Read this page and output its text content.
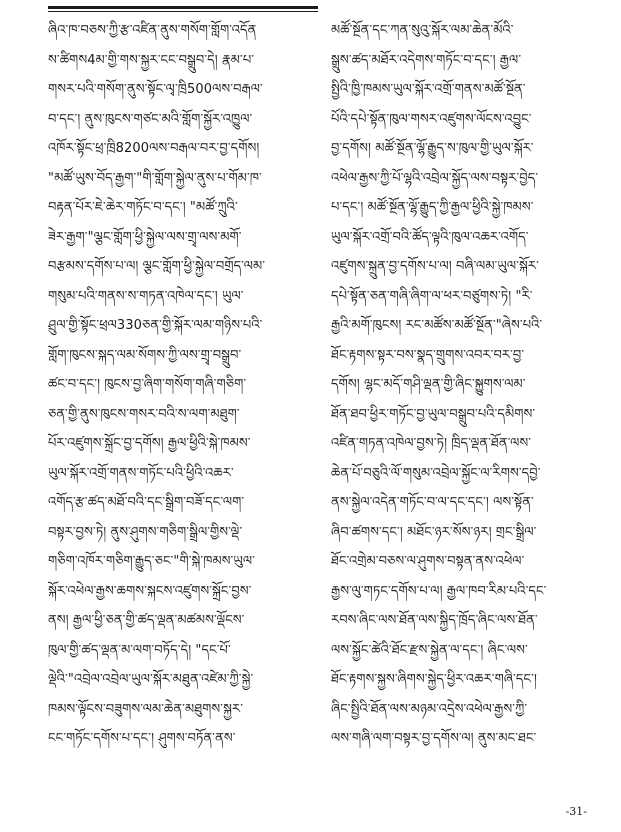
ཞིའ་ཁ་བཅས་ཀྱི་རྩ་འཛིན་ནུས་གསོག་གློག་འདོན
ས་ཚིགས4མ་གྱི་གས་སྐྱར་ངང་བསྒྲུབ་དེ། རྣམ་པ་
གསར་པའི་གསོག་ནུས་སྟོང་ལྭ་ཁྲི500ལས་བརྒལ་
བ་དང་། ནུས་ཁུངས་གཙང་མའི་གློག་སྐྱོར་འཁྱུལ་
འཁོར་སྟོང་ཕྲ་ཁྲི8200ལས་བརྒལ་བར་བྱ་དགོས།
"མཚོ་ཡུས་བོད་རྒྱག་"གི་གློག་སྐྱེལ་ནུས་པ་གོམ་ཁ་
བརྟན་པོར་ཇེ་ཆེར་གཏོང་བ་དང་། "མཚོ་ཀྲུའི་
ཟེར་རྒྱག་"ལྕང་གློག་ཕྱི་སྐྱེལ་ལས་གྲྭ་ལས་མགོ་
བརྩམས་དགོས་པ་ལ། ལྕང་གློག་ཕྱི་སྐྱེལ་བགྲོད་ལམ་
གསུམ་པའི་གནས་ས་གཏན་འཁེལ་དང་། ཡུལ་
ཤྲུལ་གྱི་སྟོང་ཕྲལ330ཅན་གྱི་སྐོར་ལམ་གཉིས་པའི་
གློག་ཁུངས་སྐད་ལམ་སོགས་ཀྱི་ལས་གྲྭ་བསྒྲུབ་
ཚང་བ་དང་། ཁུངས་བྱ་ཞིག་གསོག་གཞི་གཅིག་
ཅན་གྱི་ནུས་ཁུངས་གསར་བའི་ས་ལག་མཐུག་
པོར་འཛུགས་སྐྲོང་བྱ་དགོས། རྒྱལ་ཕྱིའི་སྐེ་ཁམས་
ཡུལ་སྐོར་འགྲོ་གནས་གཏོང་པའི་ཕྱིའི་འཆར་
འགོད་རྩ་ཚད་མཐོ་བའི་དང་སྒྲིག་བཟོ་དང་ལག་
བསྟར་བྱས་ཏེ། ནུས་ཤུགས་གཅིག་སྒྲིལ་གྱིས་ལྡེ་
གཅིག་འཁོར་གཅིག་རྒྱུད་ཅང་"གི་སྐེ་ཁམས་ཡུལ་
སྐོར་འཕེལ་རྒྱས་ཆགས་སྐངས་འཛུགས་སྐྲོང་བྱས་
ནས། རྒྱལ་ཕྱི་ཅན་གྱི་ཚད་ལྡན་མཚམས་ལྡོངས་
ཁུལ་གྱི་ཚད་ལྡན་མ་ལག་བཏོད་དེ། "དང་པོ་
ལྡེའི་"འབྲེལ་འབྲེལ་ཡུལ་སྐོར་མཐུན་འཛེམ་ཀྱི་སྐྱེ་
ཁམས་ལྟོངས་བཟུགས་ལམ་ཆེན་མཐུགས་སྐྱར་
ངང་གཏོང་དགོས་པ་དང་། ཤུགས་བཏོན་ནས་
མཚོ་སྔོན་དང་ཀན་སུའུ་སྐོར་ལམ་ཆེན་མོའི་
སྒྲུས་ཚད་མཐོར་འདེགས་གཏོང་བ་དང་། རྒྱལ་
སྤྱིའི་ཁྱི་ཁམས་ཡུལ་སྐོར་འགྲོ་གནས་མཚོ་སྔོན་
པོའི་དཔེ་སྟོན་ཁུལ་གསར་འཛུགས་ལོངས་འབྱུང་
བྱ་དགོས། མཚོ་སྔོན་ལྷོ་རྒྱུད་ས་ཁུལ་གྱི་ཡུལ་སྐོར་
འཕེལ་རྒྱས་ཀྱི་པོ་ལྷའི་འབྲེལ་སྐྱོད་ལས་བསྟར་བྱེད་
པ་དང་། མཚོ་སྔོན་ལྷོ་རྒྱུད་ཀྱི་རྒྱལ་ཕྱིའི་སྐྱེ་ཁམས་
ཡུལ་སྐོར་འགྲོ་བའི་ཚོད་ལྟའི་ཁུལ་འཆར་འགོད་
འཛུགས་སྐྲུན་བྱ་དགོས་པ་ལ། བཞི་ལམ་ཡུལ་སྐོར་
དཔེ་སྟོན་ཅན་གཞི་ཞིག་ལ་ཕར་བཙུགས་ཏེ། "རི་
རྒྱའི་མགོ་ཁུངས། རང་མཚོས་མཚོ་སྔོན་"ཞེས་པའི་
ཐོང་རྟགས་སྟར་བས་སྣད་གྲུགས་འབར་བར་བྱ་
དགོས། ལྷང་མདོ་གཤི་ལྡན་གྱི་ཞིང་སྐྱུགས་ལམ་
ཐོན་ཐབ་ཕྱིར་གཏོང་བྱ་ཡུལ་བསྒྲུབ་པའི་དམིགས་
འཛིན་གཏན་འཁེལ་བྱས་ཏེ། ཁྲིད་ལྡན་ཐོན་ལས་
ཆེན་པོ་བཅུའི་ལོ་གསུམ་འབྲེལ་སྐྱོང་ལ་རིགས་དབྱེ་
ནས་སྐྱེལ་འདེན་གཏོང་བ་ལ་དང་དང་། ལས་སྟོན་
ཞིབ་ཚགས་དང་། མཐོང་ཉར་སོས་ཉར། གྲང་སྒྲིལ་
ཐོང་འགྲེམ་བཅས་ལ་ཤུགས་བསྟན་ནས་འཕེལ་
རྒྱས་ལུ་གཏང་དགོས་པ་ལ། རྒྱལ་ཁབ་རིམ་པའི་དང་
རབས་ཞིང་ལས་ཐོན་ལས་སྐྱིད་ཁྲོད་ཞིང་ལས་ཐོན་
ལས་སྐྱོང་ཚེའི་ཐོང་རྫས་སྐྱེན་ལ་དང་། ཞིང་ལས་
ཐོང་རྟགས་སྐྱས་ཞིགས་སྐྱེད་ཕྱིར་འཆར་གཞི་དང་།
ཞིང་སྤྱིའི་ཐོན་ལས་མཉམ་འདྲེས་འཕེལ་རྒྱས་ཀྱི་
ལས་གཞི་ལག་བསྟར་བྱ་དགོས་ལ། ནུས་མང་ཐང་
-31-
